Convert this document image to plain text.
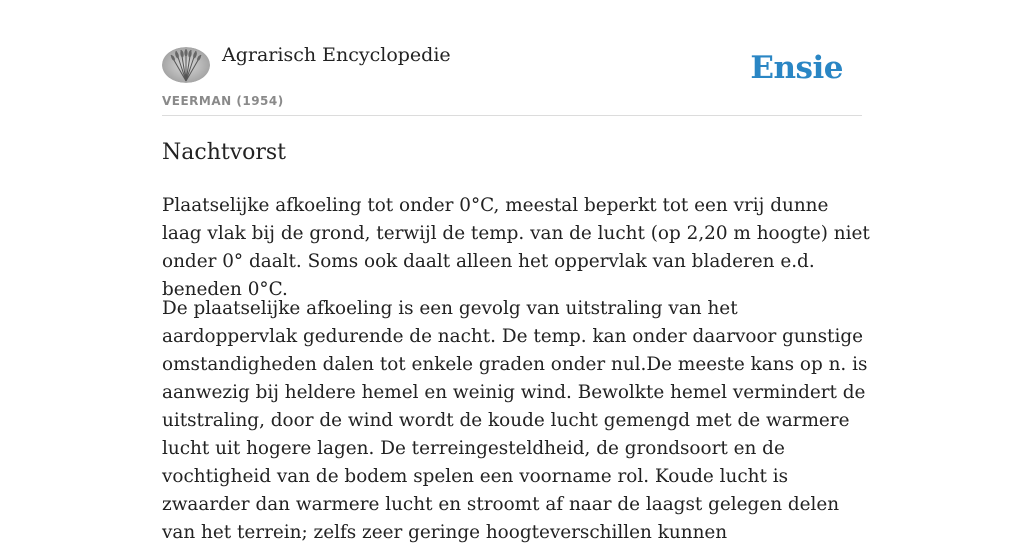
Agrarisch Encyclopedie
VEERMAN (1954)
Ensie
Nachtvorst

Plaatselijke afkoeling tot onder 0°C, meestal beperkt tot een vrij dunne laag vlak bij de grond, terwijl de temp. van de lucht (op 2,20 m hoogte) niet onder 0° daalt. Soms ook daalt alleen het oppervlak van bladeren e.d. beneden 0°C.

De plaatselijke afkoeling is een gevolg van uitstraling van het aardoppervlak gedurende de nacht. De temp. kan onder daarvoor gunstige omstandigheden dalen tot enkele graden onder nul.De meeste kans op n. is aanwezig bij heldere hemel en weinig wind. Bewolkte hemel vermindert de uitstraling, door de wind wordt de koude lucht gemengd met de warmere lucht uit hogere lagen. De terreingesteldheid, de grondsoort en de vochtigheid van de bodem spelen een voorname rol. Koude lucht is zwaarder dan warmere lucht en stroomt af naar de laagst gelegen delen van het terrein; zelfs zeer geringe hoogteverschillen kunnen
